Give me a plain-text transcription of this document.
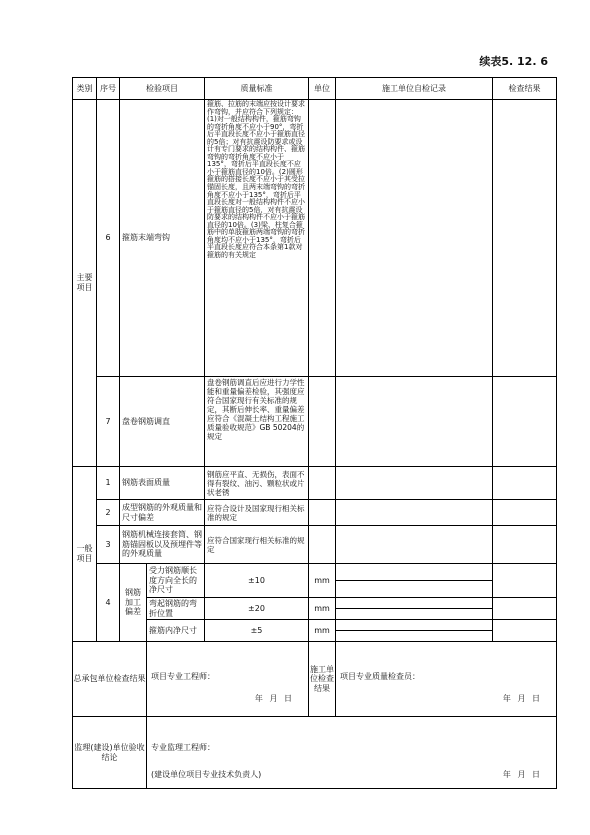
续表5. 12. 6
类别	序号	检验项目	质量标准	单位	施工单位自检记录	检查结果
主要项目	6	箍筋末端弯钩	箍筋、拉筋的末端应按设计要求作弯钩，并应符合下列规定：(1)对一般结构构件，箍筋弯钩的弯折角度不应小于90°，弯折后平直段长度不应小于箍筋直径的5倍；对有抗震设防要求或设计有专门要求的结构构件、箍筋弯钩的弯折角度不应小于135°，弯折后平直段长度不应小于箍筋直径的10倍。(2)圆形箍筋的搭接长度不应小于其受拉锚固长度，且两末端弯钩的弯折角度不应小于135°，弯折后平直段长度对一般结构构件不应小于箍筋直径的5倍，对有抗震设防要求的结构构件不应小于箍筋直径的10倍。(3)梁、柱复合箍筋中的单肢箍筋两端弯钩的弯折角度均不应小于135°，弯折后平直段长度应符合本条第1款对箍筋的有关规定			
7	盘卷钢筋调直	盘卷钢筋调直后应进行力学性能和重量偏差检验，其强度应符合国家现行有关标准的规定，其断后伸长率、重量偏差应符合《混凝土结构工程施工质量验收规范》GB 50204的规定			
一般项目	1	钢筋表面质量	钢筋应平直、无损伤，表面不得有裂纹、油污、颗粒状或片状老锈			
2	成型钢筋的外观质量和尺寸偏差	应符合设计及国家现行相关标准的规定			
3	钢筋机械连接套筒、钢筋锚固板以及预埋件等的外观质量	应符合国家现行相关标准的规定			
4	钢筋加工偏差	受力钢筋顺长度方向全长的净尺寸	±10	mm	

弯起钢筋的弯折位置	±20	mm	

箍筋内净尺寸	±5	mm	

总承包单位检查结果	项目专业工程师：
年 月 日
	施工单位检查结果	
项目专业质量检查员：
年 月 日

监理(建设)单位验收结论	
专业监理工程师：
(建设单位项目专业技术负责人)	年 月 日
